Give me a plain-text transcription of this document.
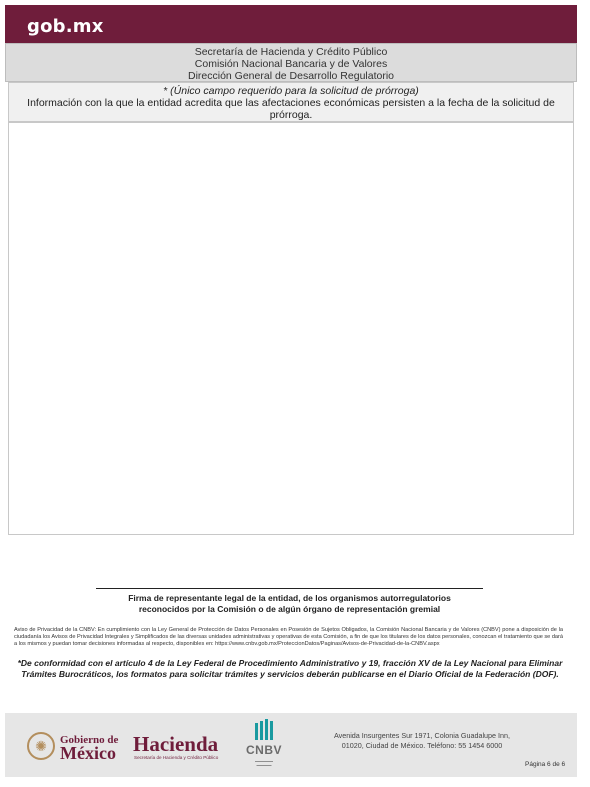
gob.mx
Secretaría de Hacienda y Crédito Público
Comisión Nacional Bancaria y de Valores
Dirección General de Desarrollo Regulatorio
* (Único campo requerido para la solicitud de prórroga)
Información con la que la entidad acredita que las afectaciones económicas persisten a la fecha de la solicitud de prórroga.
Firma de representante legal de la entidad, de los organismos autorregulatorios
reconocidos por la Comisión o de algún órgano de representación gremial
Aviso de Privacidad de la CNBV: En cumplimiento con la Ley General de Protección de Datos Personales en Posesión de Sujetos Obligados, la Comisión Nacional Bancaria y de Valores (CNBV) pone a disposición de la ciudadanía los Avisos de Privacidad Integrales y Simplificados de las diversas unidades administrativas y operativas de esta Comisión, a fin de que los titulares de los datos personales, conozcan el tratamiento que se dará a los mismos y puedan tomar decisiones informadas al respecto, disponibles en: https://www.cnbv.gob.mx/ProteccionDatos/Paginas/Avisos-de-Privacidad-de-la-CNBV.aspx
*De conformidad con el artículo 4 de la Ley Federal de Procedimiento Administrativo y 19, fracción XV de la Ley Nacional para Eliminar Trámites Burocráticos, los formatos para solicitar trámites y servicios deberán publicarse en el Diario Oficial de la Federación (DOF).
✺	Gobierno de
México Hacienda
Secretaría de Hacienda y Crédito Público
CNBV
▬▬▬▬▬▬
▬▬▬▬▬
Avenida Insurgentes Sur 1971, Colonia Guadalupe Inn,
01020, Ciudad de México. Teléfono: 55 1454 6000
Página 6 de 6
